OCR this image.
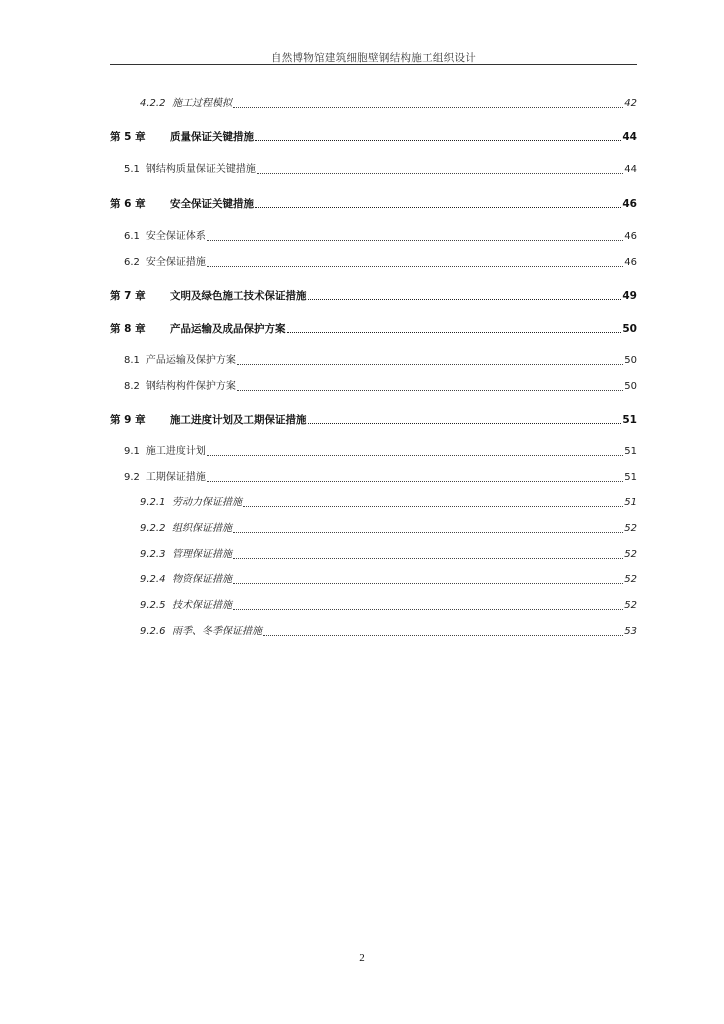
自然博物馆建筑细胞壁钢结构施工组织设计
4.2.2 施工过程模拟	42
第 5 章	质量保证关键措施	44
5.1 钢结构质量保证关键措施	44
第 6 章	安全保证关键措施	46
6.1 安全保证体系	46
6.2 安全保证措施	46
第 7 章	文明及绿色施工技术保证措施	49
第 8 章	产品运输及成品保护方案	50
8.1 产品运输及保护方案	50
8.2 钢结构构件保护方案	50
第 9 章	施工进度计划及工期保证措施	51
9.1 施工进度计划	51
9.2 工期保证措施	51
9.2.1 劳动力保证措施	51
9.2.2 组织保证措施	52
9.2.3 管理保证措施	52
9.2.4 物资保证措施	52
9.2.5 技术保证措施	52
9.2.6 雨季、冬季保证措施	53
2
